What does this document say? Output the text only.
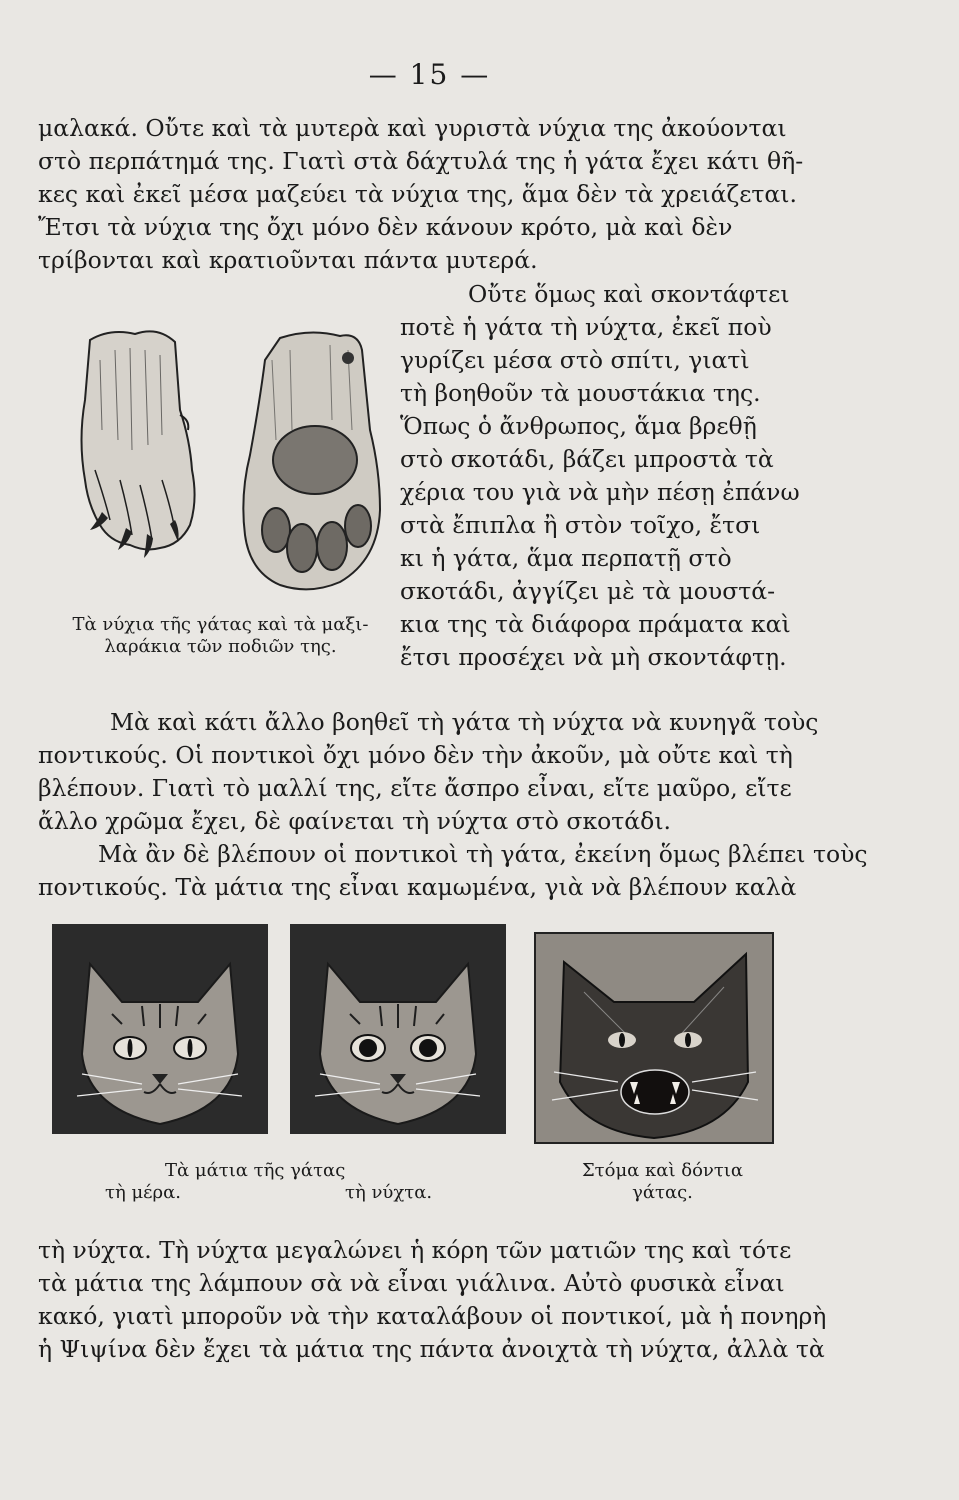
— 15 —
μαλακά. Οὔτε καὶ τὰ μυτερὰ καὶ γυριστὰ νύχια της ἀκούονται
στὸ περπάτημά της. Γιατὶ στὰ δάχτυλά της ἡ γάτα ἔχει κάτι θῆ-
κες καὶ ἐκεῖ μέσα μαζεύει τὰ νύχια της, ἅμα δὲν τὰ χρειάζεται.
Ἔτσι τὰ νύχια της ὄχι μόνο δὲν κάνουν κρότο, μὰ καὶ δὲν
τρίβονται καὶ κρατιοῦνται πάντα μυτερά.
Οὔτε ὅμως καὶ σκοντάφτει
ποτὲ ἡ γάτα τὴ νύχτα, ἐκεῖ ποὺ
γυρίζει μέσα στὸ σπίτι, γιατὶ
τὴ βοηθοῦν τὰ μουστάκια της.
Ὅπως ὁ ἄνθρωπος, ἅμα βρεθῇ
στὸ σκοτάδι, βάζει μπροστὰ τὰ
χέρια του γιὰ νὰ μὴν πέσῃ ἐπάνω
στὰ ἔπιπλα ἢ στὸν τοῖχο, ἔτσι
κι ἡ γάτα, ἅμα περπατῇ στὸ
σκοτάδι, ἀγγίζει μὲ τὰ μουστά-
κια της τὰ διάφορα πράματα καὶ
ἔτσι προσέχει νὰ μὴ σκοντάφτῃ.
Τὰ νύχια τῆς γάτας καὶ τὰ μαξι-
λαράκια τῶν ποδιῶν της.
Μὰ καὶ κάτι ἄλλο βοηθεῖ τὴ γάτα τὴ νύχτα νὰ κυνηγᾶ τοὺς
ποντικούς. Οἱ ποντικοὶ ὄχι μόνο δὲν τὴν ἀκοῦν, μὰ οὔτε καὶ τὴ
βλέπουν. Γιατὶ τὸ μαλλί της, εἴτε ἄσπρο εἶναι, εἴτε μαῦρο, εἴτε
ἄλλο χρῶμα ἔχει, δὲ φαίνεται τὴ νύχτα στὸ σκοτάδι.
Μὰ ἂν δὲ βλέπουν οἱ ποντικοὶ τὴ γάτα, ἐκείνη ὅμως βλέπει τοὺς
ποντικούς. Τὰ μάτια της εἶναι καμωμένα, γιὰ νὰ βλέπουν καλὰ
Τὰ μάτια τῆς γάτας
τὴ μέρα.	τὴ νύχτα.
Στόμα καὶ δόντια
γάτας.
τὴ νύχτα. Τὴ νύχτα μεγαλώνει ἡ κόρη τῶν ματιῶν της καὶ τότε
τὰ μάτια της λάμπουν σὰ νὰ εἶναι γιάλινα. Αὐτὸ φυσικὰ εἶναι
κακό, γιατὶ μποροῦν νὰ τὴν καταλάβουν οἱ ποντικοί, μὰ ἡ πονηρὴ
ἡ Ψιψίνα δὲν ἔχει τὰ μάτια της πάντα ἀνοιχτὰ τὴ νύχτα, ἀλλὰ τὰ
